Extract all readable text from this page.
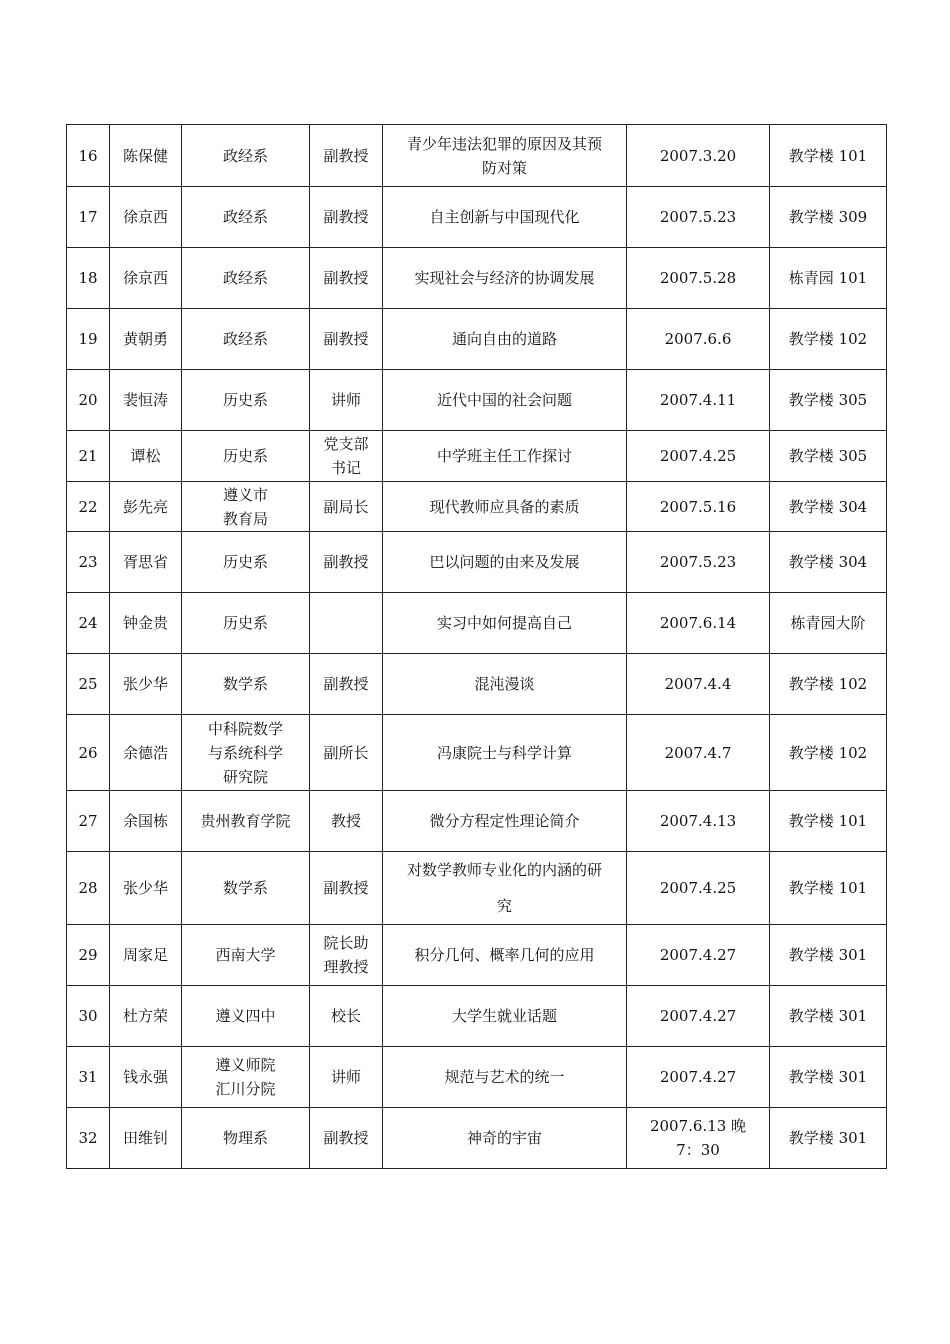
16	陈保健	政经系	副教授	青少年违法犯罪的原因及其预
防对策	2007.3.20	教学楼 101
17	徐京西	政经系	副教授	自主创新与中国现代化	2007.5.23	教学楼 309
18	徐京西	政经系	副教授	实现社会与经济的协调发展	2007.5.28	栋青园 101
19	黄朝勇	政经系	副教授	通向自由的道路	2007.6.6	教学楼 102
20	裴恒涛	历史系	讲师	近代中国的社会问题	2007.4.11	教学楼 305
21	谭松	历史系	党支部
书记	中学班主任工作探讨	2007.4.25	教学楼 305
22	彭先亮	遵义市
教育局	副局长	现代教师应具备的素质	2007.5.16	教学楼 304
23	胥思省	历史系	副教授	巴以问题的由来及发展	2007.5.23	教学楼 304
24	钟金贵	历史系		实习中如何提高自己	2007.6.14	栋青园大阶
25	张少华	数学系	副教授	混沌漫谈	2007.4.4	教学楼 102
26	余德浩	中科院数学
与系统科学
研究院	副所长	冯康院士与科学计算	2007.4.7	教学楼 102
27	余国栋	贵州教育学院	教授	微分方程定性理论简介	2007.4.13	教学楼 101
28	张少华	数学系	副教授	对数学教师专业化的内涵的研
究	2007.4.25	教学楼 101
29	周家足	西南大学	院长助
理教授	积分几何、概率几何的应用	2007.4.27	教学楼 301
30	杜方荣	遵义四中	校长	大学生就业话题	2007.4.27	教学楼 301
31	钱永强	遵义师院
汇川分院	讲师	规范与艺术的统一	2007.4.27	教学楼 301
32	田维钊	物理系	副教授	神奇的宇宙	2007.6.13 晚
7：30	教学楼 301
